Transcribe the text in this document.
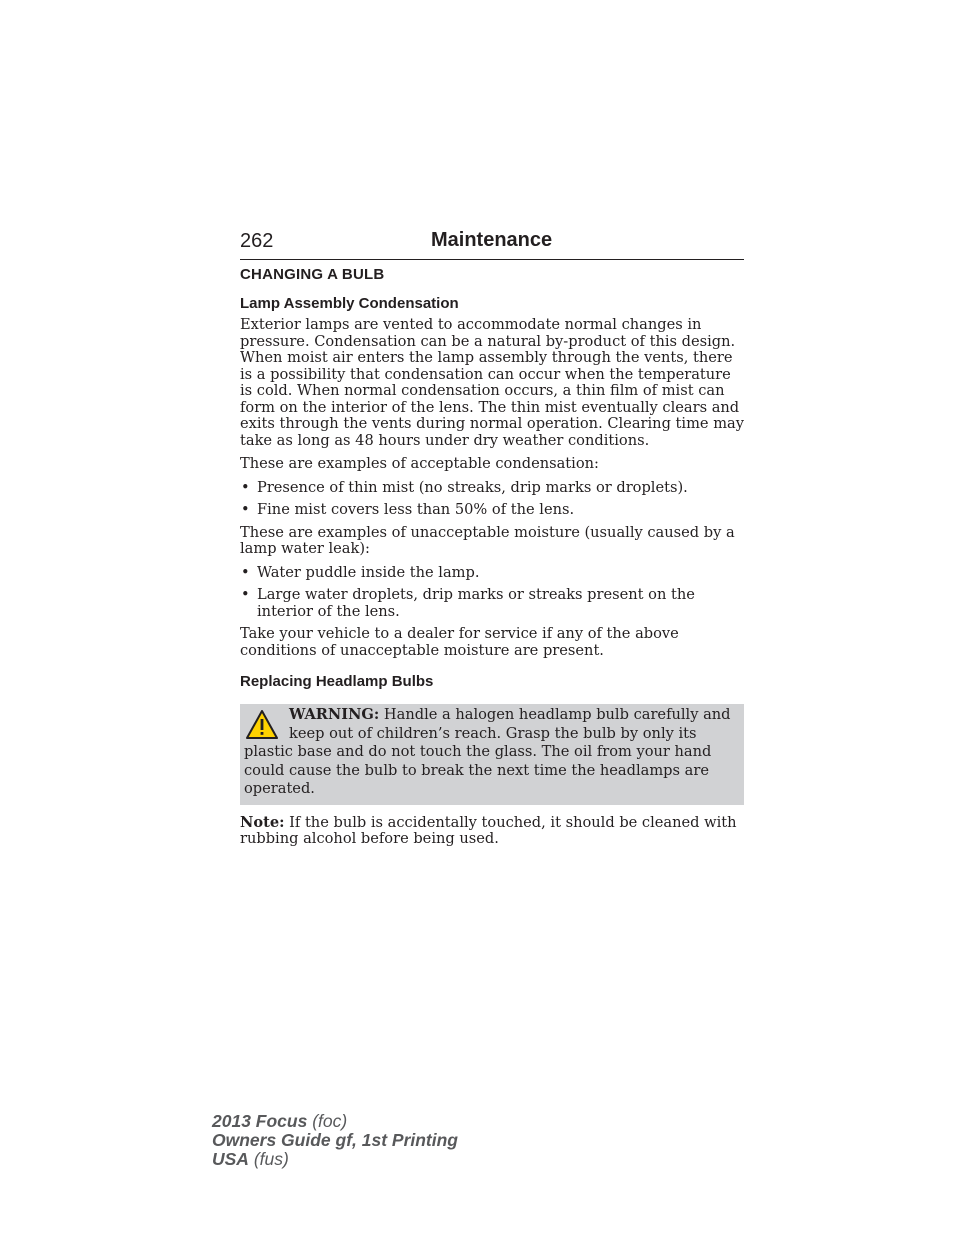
262	Maintenance
CHANGING A BULB
Lamp Assembly Condensation

Exterior lamps are vented to accommodate normal changes in pressure. Condensation can be a natural by-product of this design. When moist air enters the lamp assembly through the vents, there is a possibility that condensation can occur when the temperature is cold. When normal condensation occurs, a thin film of mist can form on the interior of the lens. The thin mist eventually clears and exits through the vents during normal operation. Clearing time may take as long as 48 hours under dry weather conditions.

These are examples of acceptable condensation:

• Presence of thin mist (no streaks, drip marks or droplets).
• Fine mist covers less than 50% of the lens.

These are examples of unacceptable moisture (usually caused by a lamp water leak):

• Water puddle inside the lamp.
• Large water droplets, drip marks or streaks present on the interior of the lens.

Take your vehicle to a dealer for service if any of the above conditions of unacceptable moisture are present.

Replacing Headlamp Bulbs

WARNING: Handle a halogen headlamp bulb carefully and keep out of children’s reach. Grasp the bulb by only its plastic base and do not touch the glass. The oil from your hand could cause the bulb to break the next time the headlamps are operated.

Note: If the bulb is accidentally touched, it should be cleaned with rubbing alcohol before being used.

2013 Focus (foc)
Owners Guide gf, 1st Printing
USA (fus)
